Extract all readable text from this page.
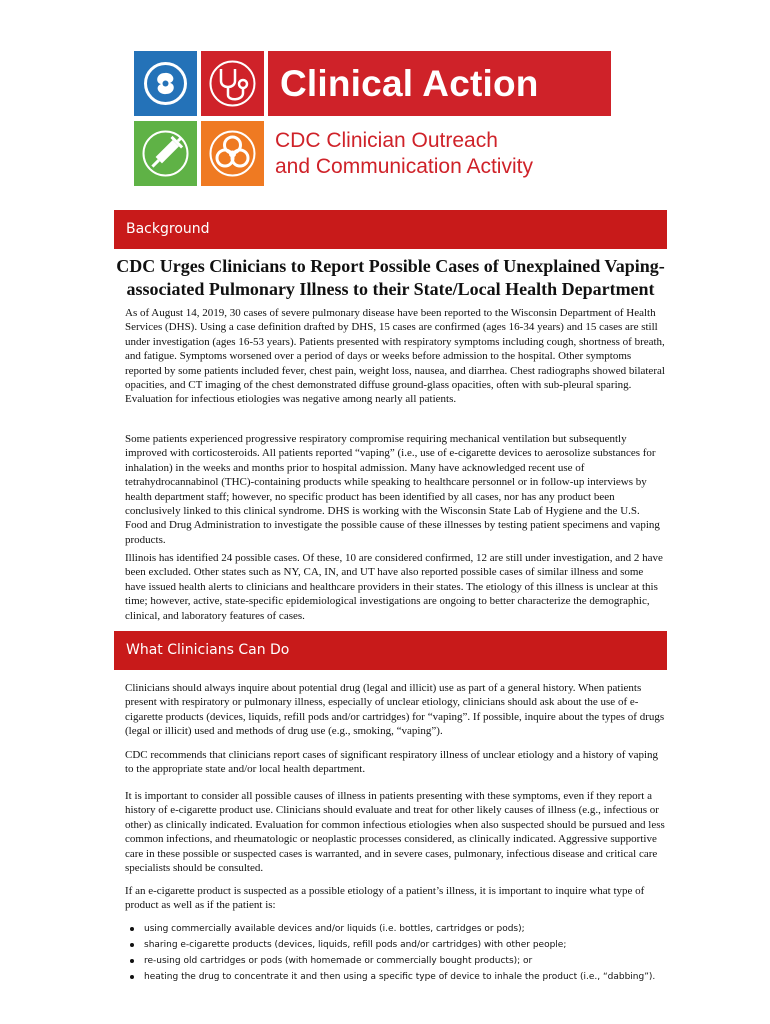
Clinical Action
CDC Clinician Outreach
and Communication Activity
Background
CDC Urges Clinicians to Report Possible Cases of Unexplained Vaping-
associated Pulmonary Illness to their State/Local Health Department

As of August 14, 2019, 30 cases of severe pulmonary disease have been reported to the Wisconsin Department of Health Services (DHS). Using a case definition drafted by DHS, 15 cases are confirmed (ages 16-34 years) and 15 cases are still under investigation (ages 16-53 years). Patients presented with respiratory symptoms including cough, shortness of breath, and fatigue. Symptoms worsened over a period of days or weeks before admission to the hospital. Other symptoms reported by some patients included fever, chest pain, weight loss, nausea, and diarrhea. Chest radiographs showed bilateral opacities, and CT imaging of the chest demonstrated diffuse ground-glass opacities, often with sub-pleural sparing. Evaluation for infectious etiologies was negative among nearly all patients.

Some patients experienced progressive respiratory compromise requiring mechanical ventilation but subsequently improved with corticosteroids. All patients reported “vaping” (i.e., use of e-cigarette devices to aerosolize substances for inhalation) in the weeks and months prior to hospital admission. Many have acknowledged recent use of tetrahydrocannabinol (THC)-containing products while speaking to healthcare personnel or in follow-up interviews by health department staff; however, no specific product has been identified by all cases, nor has any product been conclusively linked to this clinical syndrome. DHS is working with the Wisconsin State Lab of Hygiene and the U.S. Food and Drug Administration to investigate the possible cause of these illnesses by testing patient specimens and vaping products.

Illinois has identified 24 possible cases. Of these, 10 are considered confirmed, 12 are still under investigation, and 2 have been excluded. Other states such as NY, CA, IN, and UT have also reported possible cases of similar illness and some have issued health alerts to clinicians and healthcare providers in their states. The etiology of this illness is unclear at this time; however, active, state-specific epidemiological investigations are ongoing to better characterize the demographic, clinical, and laboratory features of cases.

What Clinicians Can Do

Clinicians should always inquire about potential drug (legal and illicit) use as part of a general history. When patients present with respiratory or pulmonary illness, especially of unclear etiology, clinicians should ask about the use of e-cigarette products (devices, liquids, refill pods and/or cartridges) for “vaping”. If possible, inquire about the types of drugs (legal or illicit) used and methods of drug use (e.g., smoking, “vaping”).

CDC recommends that clinicians report cases of significant respiratory illness of unclear etiology and a history of vaping to the appropriate state and/or local health department.

It is important to consider all possible causes of illness in patients presenting with these symptoms, even if they report a history of e-cigarette product use. Clinicians should evaluate and treat for other likely causes of illness (e.g., infectious or other) as clinically indicated. Evaluation for common infectious etiologies when also suspected should be pursued and less common infections, and rheumatologic or neoplastic processes considered, as clinically indicated. Aggressive supportive care in these possible or suspected cases is warranted, and in severe cases, pulmonary, infectious disease and critical care specialists should be consulted.

If an e-cigarette product is suspected as a possible etiology of a patient’s illness, it is important to inquire what type of product as well as if the patient is:

using commercially available devices and/or liquids (i.e. bottles, cartridges or pods);
sharing e-cigarette products (devices, liquids, refill pods and/or cartridges) with other people;
re-using old cartridges or pods (with homemade or commercially bought products); or
heating the drug to concentrate it and then using a specific type of device to inhale the product (i.e., “dabbing”).
